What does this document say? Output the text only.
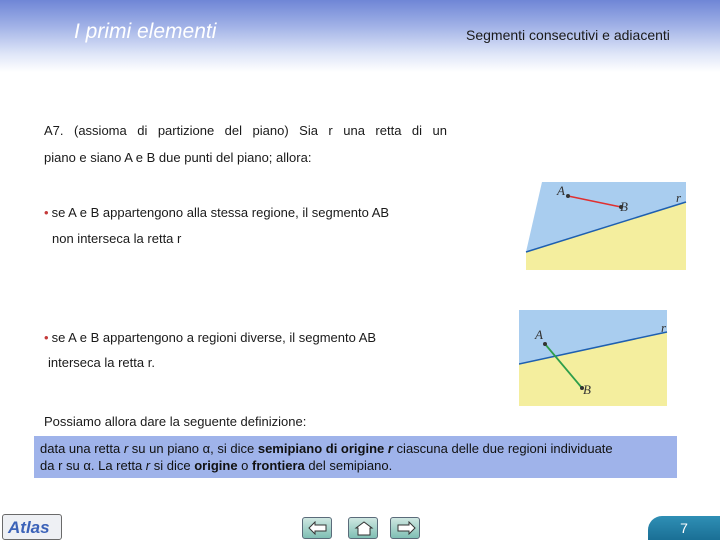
I primi elementi	Segmenti consecutivi e adiacenti
A7. (assioma di partizione del piano) Sia r una retta di un
piano e siano A e B due punti del piano; allora:
• se A e B appartengono alla stessa regione, il segmento AB
non interseca la retta r
• se A e B appartengono a regioni diverse, il segmento AB
interseca la retta r.
A
B
r
A
B
r
Possiamo allora dare la seguente definizione:
data una retta r su un piano α, si dice semipiano di origine r ciascuna delle due regioni individuate
da r su α. La retta r si dice origine o frontiera del semipiano.
Atlas	7
